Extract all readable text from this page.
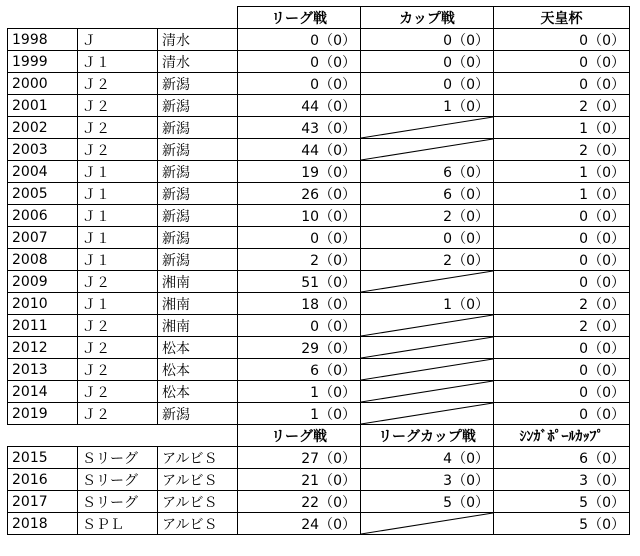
			リーグ戦	カップ戦	天皇杯
1998	Ｊ	清水	0（0）	0（0）	0（0）
1999	Ｊ１	清水	0（0）	0（0）	0（0）
2000	Ｊ２	新潟	0（0）	0（0）	0（0）
2001	Ｊ２	新潟	44（0）	1（0）	2（0）
2002	Ｊ２	新潟	43（0）		1（0）
2003	Ｊ２	新潟	44（0）		2（0）
2004	Ｊ１	新潟	19（0）	6（0）	1（0）
2005	Ｊ１	新潟	26（0）	6（0）	1（0）
2006	Ｊ１	新潟	10（0）	2（0）	0（0）
2007	Ｊ１	新潟	0（0）	0（0）	0（0）
2008	Ｊ１	新潟	2（0）	2（0）	0（0）
2009	Ｊ２	湘南	51（0）		0（0）
2010	Ｊ１	湘南	18（0）	1（0）	2（0）
2011	Ｊ２	湘南	0（0）		2（0）
2012	Ｊ２	松本	29（0）		0（0）
2013	Ｊ２	松本	6（0）		0（0）
2014	Ｊ２	松本	1（0）		0（0）
2019	Ｊ２	新潟	1（0）		0（0）
			リーグ戦	リーグカップ戦	ｼﾝｶﾞﾎﾟｰﾙｶｯﾌﾟ
2015	Ｓリーグ	アルビＳ	27（0）	4（0）	6（0）
2016	Ｓリーグ	アルビＳ	21（0）	3（0）	3（0）
2017	Ｓリーグ	アルビＳ	22（0）	5（0）	5（0）
2018	ＳＰＬ	アルビＳ	24（0）		5（0）
